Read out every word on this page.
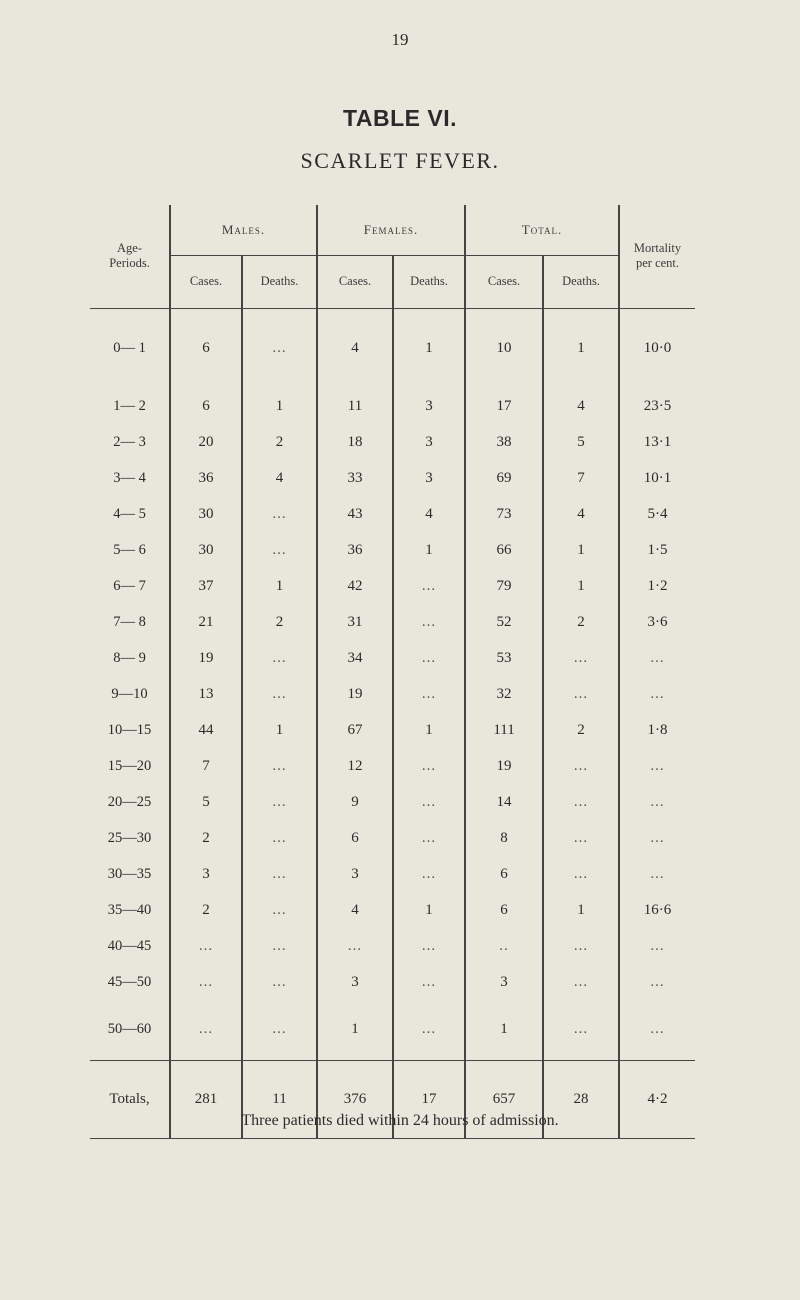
19
TABLE VI.
SCARLET FEVER.
Age-
Periods.	Males.		Females.		Total.		Mortality
per cent.
	Cases.	Deaths.	Cases.	Deaths.	Cases.	Deaths.	
0— 1	6	...	4	1	10	1	10·0
1— 2	6	1	11	3	17	4	23·5
2— 3	20	2	18	3	38	5	13·1
3— 4	36	4	33	3	69	7	10·1
4— 5	30	...	43	4	73	4	5·4
5— 6	30	...	36	1	66	1	1·5
6— 7	37	1	42	...	79	1	1·2
7— 8	21	2	31	...	52	2	3·6
8— 9	19	...	34	...	53	...	...
9—10	13	...	19	...	32	...	...
10—15	44	1	67	1	111	2	1·8
15—20	7	...	12	...	19	...	...
20—25	5	...	9	...	14	...	...
25—30	2	...	6	...	8	...	...
30—35	3	...	3	...	6	...	...
35—40	2	...	4	1	6	1	16·6
40—45	...	...	...	...	..	...	...
45—50	...	...	3	...	3	...	...
50—60	...	...	1	...	1	...	...
Totals,	281	11	376	17	657	28	4·2
Three patients died within 24 hours of admission.
